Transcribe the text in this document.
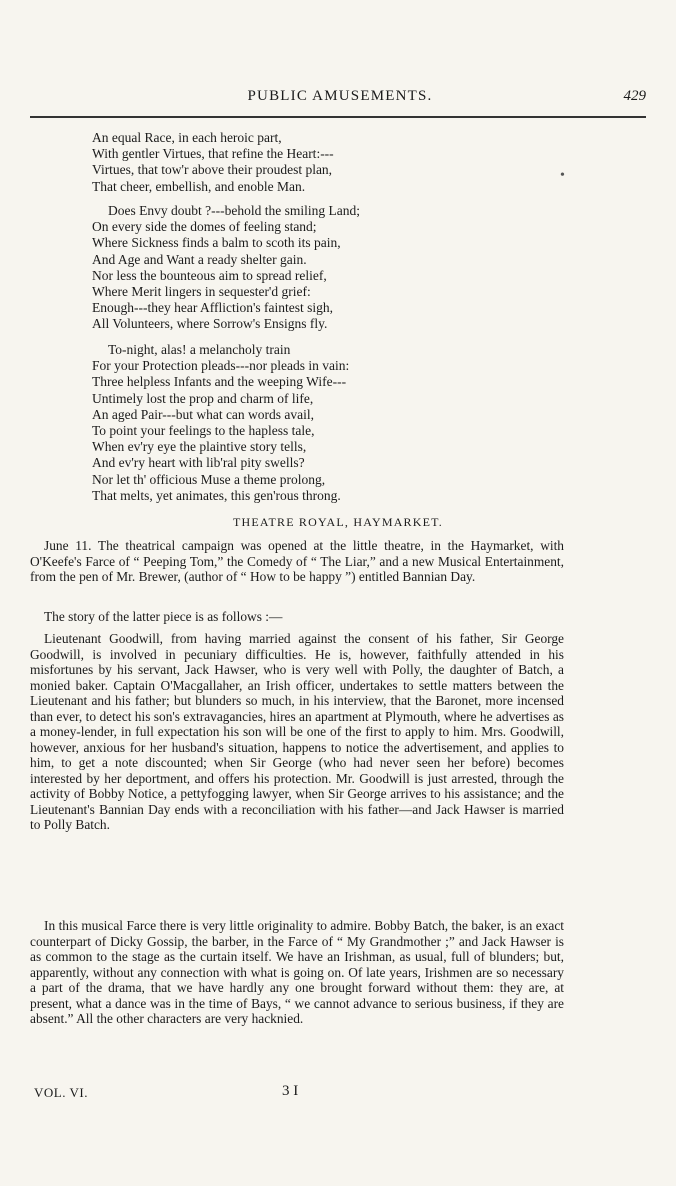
PUBLIC AMUSEMENTS.	429
An equal Race, in each heroic part,
With gentler Virtues, that refine the Heart:---
Virtues, that tow'r above their proudest plan,
That cheer, embellish, and enoble Man.
•
Does Envy doubt ?---behold the smiling Land;
On every side the domes of feeling stand;
Where Sickness finds a balm to scoth its pain,
And Age and Want a ready shelter gain.
Nor less the bounteous aim to spread relief,
Where Merit lingers in sequester'd grief:
Enough---they hear Affliction's faintest sigh,
All Volunteers, where Sorrow's Ensigns fly.
To-night, alas! a melancholy train
For your Protection pleads---nor pleads in vain:
Three helpless Infants and the weeping Wife---
Untimely lost the prop and charm of life,
An aged Pair---but what can words avail,
To point your feelings to the hapless tale,
When ev'ry eye the plaintive story tells,
And ev'ry heart with lib'ral pity swells?
Nor let th' officious Muse a theme prolong,
That melts, yet animates, this gen'rous throng.
THEATRE ROYAL, HAYMARKET.

June 11. The theatrical campaign was opened at the little theatre, in the Haymarket, with O'Keefe's Farce of “ Peeping Tom,” the Comedy of “ The Liar,” and a new Musical Entertainment, from the pen of Mr. Brewer, (author of “ How to be happy ”) entitled Bannian Day.

The story of the latter piece is as follows :—

Lieutenant Goodwill, from having married against the consent of his father, Sir George Goodwill, is involved in pecuniary difficulties. He is, however, faithfully attended in his misfortunes by his servant, Jack Hawser, who is very well with Polly, the daughter of Batch, a monied baker. Captain O'Macgallaher, an Irish officer, undertakes to settle matters between the Lieutenant and his father; but blunders so much, in his interview, that the Baronet, more incensed than ever, to detect his son's extravagancies, hires an apartment at Plymouth, where he advertises as a money-lender, in full expectation his son will be one of the first to apply to him. Mrs. Goodwill, however, anxious for her husband's situation, happens to notice the advertisement, and applies to him, to get a note discounted; when Sir George (who had never seen her before) becomes interested by her deportment, and offers his protection. Mr. Goodwill is just arrested, through the activity of Bobby Notice, a pettyfogging lawyer, when Sir George arrives to his assistance; and the Lieutenant's Bannian Day ends with a reconciliation with his father—and Jack Hawser is married to Polly Batch.

In this musical Farce there is very little originality to admire. Bobby Batch, the baker, is an exact counterpart of Dicky Gossip, the barber, in the Farce of “ My Grandmother ;” and Jack Hawser is as common to the stage as the curtain itself. We have an Irishman, as usual, full of blunders; but, apparently, without any connection with what is going on. Of late years, Irishmen are so necessary a part of the drama, that we have hardly any one brought forward without them: they are, at present, what a dance was in the time of Bays, “ we cannot advance to serious business, if they are absent.” All the other characters are very hacknied.

VOL. VI.	3 I
